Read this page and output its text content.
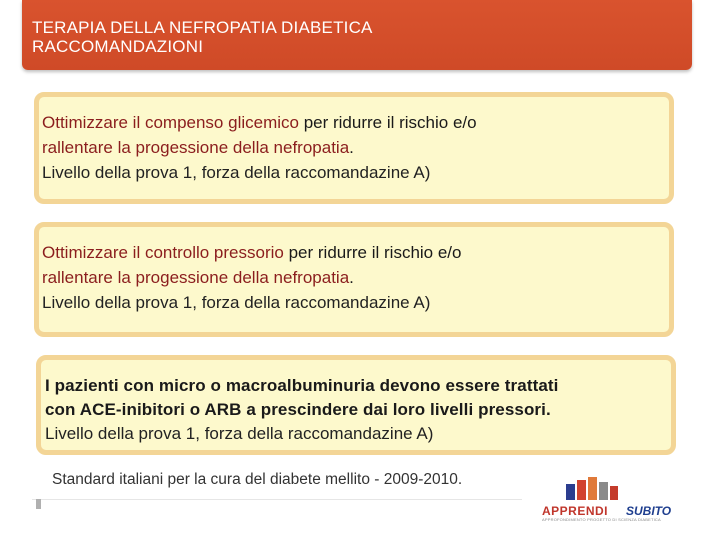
TERAPIA DELLA NEFROPATIA DIABETICA
RACCOMANDAZIONI
Ottimizzare il compenso glicemico per ridurre il rischio e/o
rallentare la progessione della nefropatia.
Livello della prova 1, forza della raccomandazine A)
Ottimizzare il controllo pressorio per ridurre il rischio e/o
rallentare la progessione della nefropatia.
Livello della prova 1, forza della raccomandazine A)
I pazienti con micro o macroalbuminuria devono essere trattati
con ACE-inibitori o ARB a prescindere dai loro livelli pressori.
Livello della prova 1, forza della raccomandazine A)
Standard italiani per la cura del diabete mellito - 2009-2010.
APPRENDI
APPROFONDIMENTO PROGETTO DI SCIENZA DIABETICA
SUBITO
